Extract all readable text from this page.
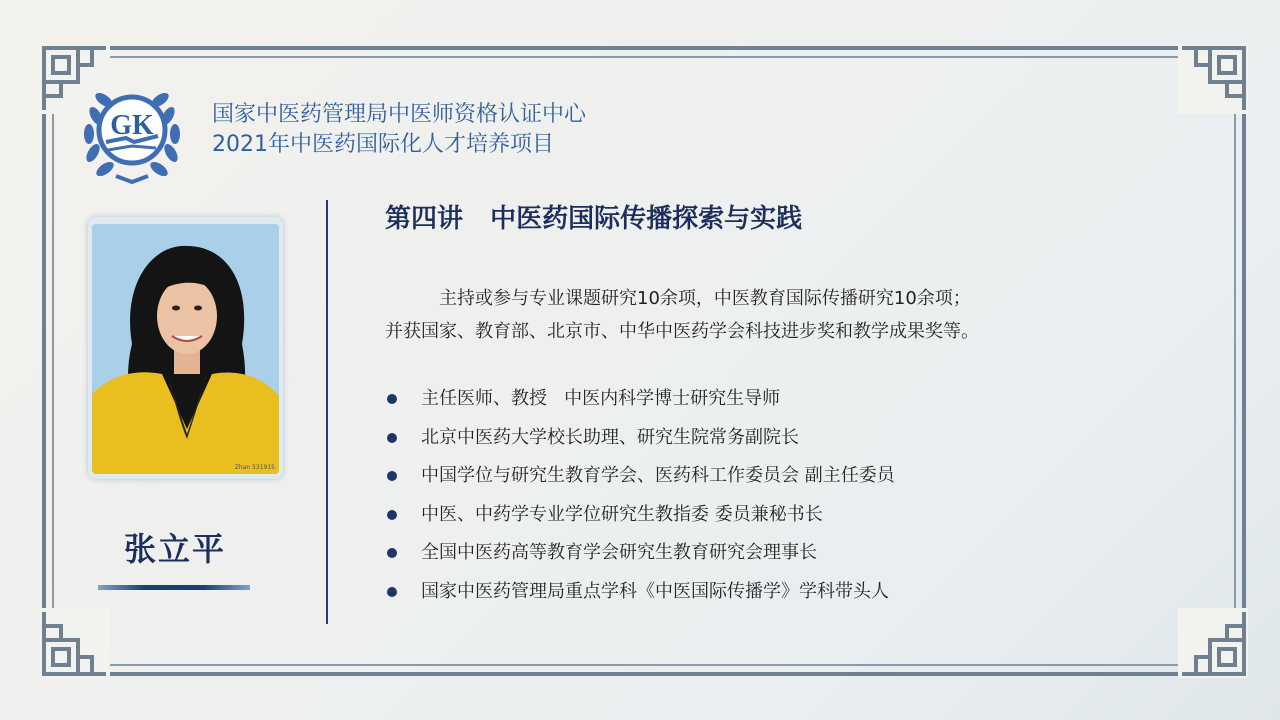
GK	国家中医药管理局中医师资格认证中心
2021年中医药国际化人才培养项目
Zhan 531915
张立平
第四讲   中医药国际传播探索与实践

主持或参与专业课题研究10余项，中医教育国际传播研究10余项；

并获国家、教育部、北京市、中华中医药学会科技进步奖和教学成果奖等。

主任医师、教授   中医内科学博士研究生导师
北京中医药大学校长助理、研究生院常务副院长
中国学位与研究生教育学会、医药科工作委员会 副主任委员
中医、中药学专业学位研究生教指委 委员兼秘书长
全国中医药高等教育学会研究生教育研究会理事长
国家中医药管理局重点学科《中医国际传播学》学科带头人
